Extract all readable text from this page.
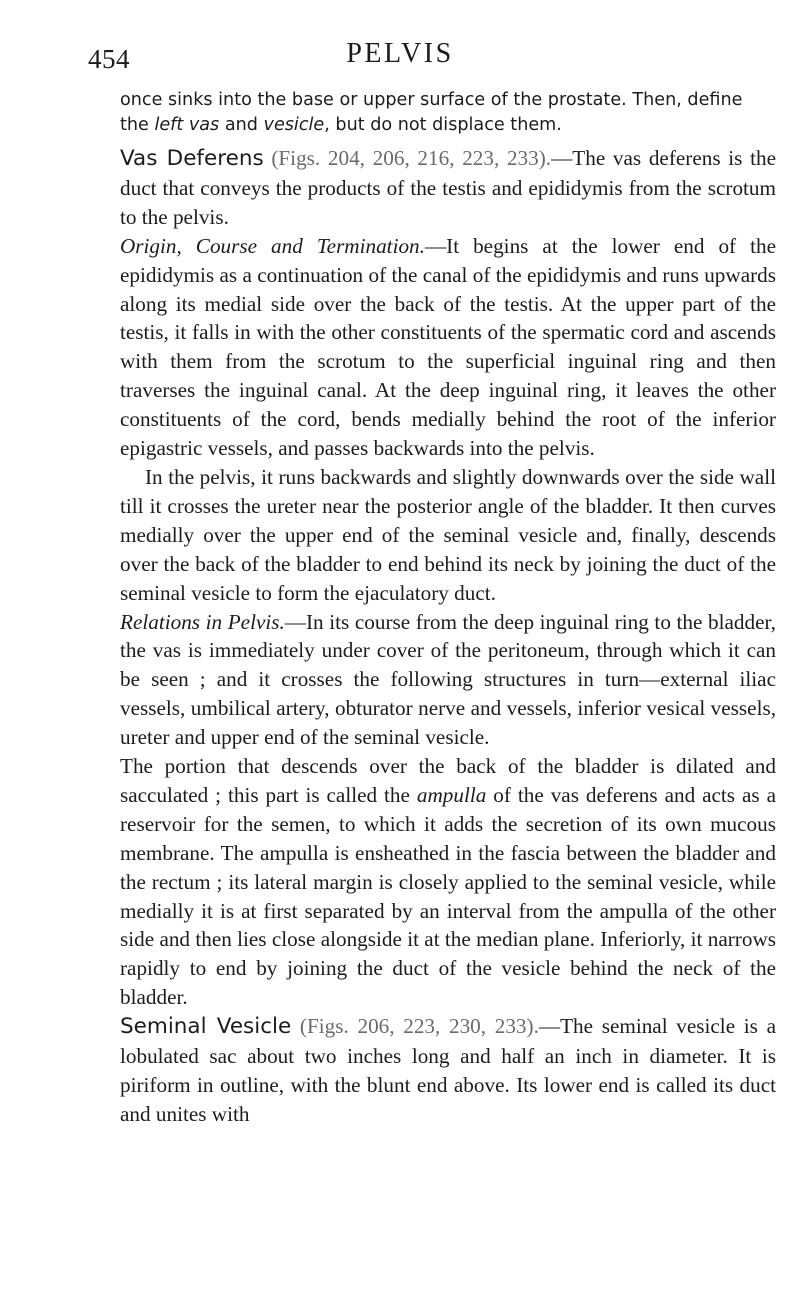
454	PELVIS

once sinks into the base or upper surface of the prostate. Then, define the left vas and vesicle, but do not displace them.

Vas Deferens (Figs. 204, 206, 216, 223, 233).—The vas deferens is the duct that conveys the products of the testis and epididymis from the scrotum to the pelvis.

Origin, Course and Termination.—It begins at the lower end of the epididymis as a continuation of the canal of the epididymis and runs upwards along its medial side over the back of the testis. At the upper part of the testis, it falls in with the other constituents of the spermatic cord and ascends with them from the scrotum to the superficial inguinal ring and then traverses the inguinal canal. At the deep inguinal ring, it leaves the other constituents of the cord, bends medially behind the root of the inferior epigastric vessels, and passes backwards into the pelvis.

In the pelvis, it runs backwards and slightly downwards over the side wall till it crosses the ureter near the posterior angle of the bladder. It then curves medially over the upper end of the seminal vesicle and, finally, descends over the back of the bladder to end behind its neck by joining the duct of the seminal vesicle to form the ejaculatory duct.

Relations in Pelvis.—In its course from the deep inguinal ring to the bladder, the vas is immediately under cover of the peritoneum, through which it can be seen ; and it crosses the following structures in turn—external iliac vessels, umbilical artery, obturator nerve and vessels, inferior vesical vessels, ureter and upper end of the seminal vesicle.

The portion that descends over the back of the bladder is dilated and sacculated ; this part is called the ampulla of the vas deferens and acts as a reservoir for the semen, to which it adds the secretion of its own mucous membrane. The ampulla is ensheathed in the fascia between the bladder and the rectum ; its lateral margin is closely applied to the seminal vesicle, while medially it is at first separated by an interval from the ampulla of the other side and then lies close alongside it at the median plane. Inferiorly, it narrows rapidly to end by joining the duct of the vesicle behind the neck of the bladder.

Seminal Vesicle (Figs. 206, 223, 230, 233).—The seminal vesicle is a lobulated sac about two inches long and half an inch in diameter. It is piriform in outline, with the blunt end above. Its lower end is called its duct and unites with
